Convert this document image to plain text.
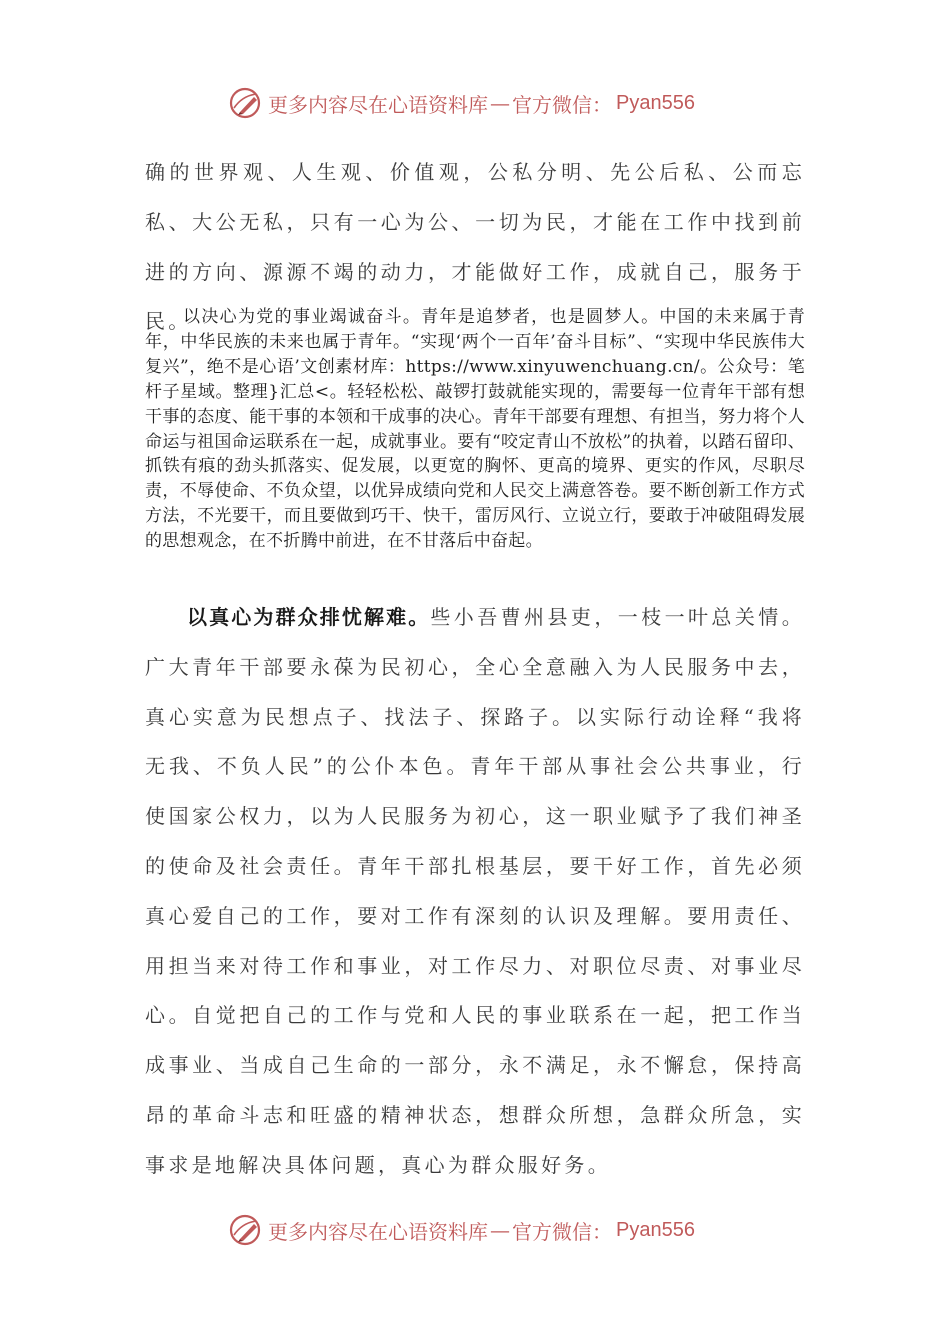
更多内容尽在心语资料库 — 官方微信： Pyan556

确的世界观、人生观、价值观，公私分明、先公后私、公而忘私、大公无私，只有一心为公、一切为民，才能在工作中找到前进的方向、源源不竭的动力，才能做好工作，成就自己，服务于民。

以决心为党的事业竭诚奋斗。青年是追梦者，也是圆梦人。中国的未来属于青年，中华民族的未来也属于青年。“实现‘两个一百年’奋斗目标”、“实现中华民族伟大复兴”，绝不是心语’文创素材库：https://www.xinyuwenchuang.cn/。公众号：笔杆子星域。整理}汇总<。轻轻松松、敲锣打鼓就能实现的，需要每一位青年干部有想干事的态度、能干事的本领和干成事的决心。青年干部要有理想、有担当，努力将个人命运与祖国命运联系在一起，成就事业。要有“咬定青山不放松”的执着，以踏石留印、抓铁有痕的劲头抓落实、促发展，以更宽的胸怀、更高的境界、更实的作风，尽职尽责，不辱使命、不负众望，以优异成绩向党和人民交上满意答卷。要不断创新工作方式方法，不光要干，而且要做到巧干、快干，雷厉风行、立说立行，要敢于冲破阻碍发展的思想观念，在不折腾中前进，在不甘落后中奋起。

以真心为群众排忧解难。些小吾曹州县吏，一枝一叶总关情。广大青年干部要永葆为民初心，全心全意融入为人民服务中去，真心实意为民想点子、找法子、探路子。以实际行动诠释“我将无我、不负人民”的公仆本色。青年干部从事社会公共事业，行使国家公权力，以为人民服务为初心，这一职业赋予了我们神圣的使命及社会责任。青年干部扎根基层，要干好工作，首先必须真心爱自己的工作，要对工作有深刻的认识及理解。要用责任、用担当来对待工作和事业，对工作尽力、对职位尽责、对事业尽心。自觉把自己的工作与党和人民的事业联系在一起，把工作当成事业、当成自己生命的一部分，永不满足，永不懈怠，保持高昂的革命斗志和旺盛的精神状态，想群众所想，急群众所急，实事求是地解决具体问题，真心为群众服好务。

更多内容尽在心语资料库 — 官方微信： Pyan556
